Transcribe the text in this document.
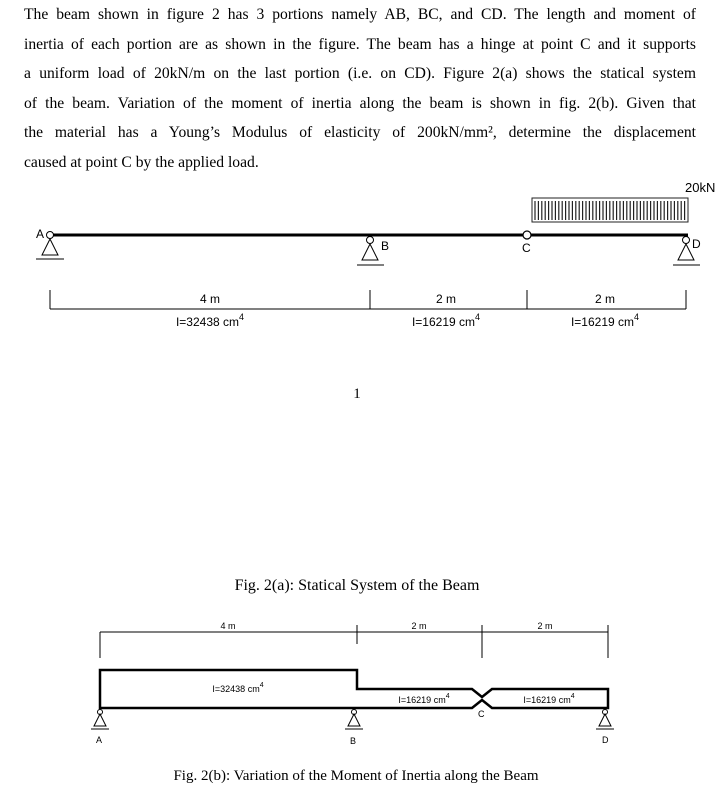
The beam shown in figure 2 has 3 portions namely AB, BC, and CD. The length and moment of
inertia of each portion are as shown in the figure. The beam has a hinge at point C and it supports
a uniform load of 20kN/m on the last portion (i.e. on CD). Figure 2(a) shows the statical system
of the beam. Variation of the moment of inertia along the beam is shown in fig. 2(b). Given that
the material has a Young’s Modulus of elasticity of 200kN/mm², determine the displacement
caused at point C by the applied load.
20kN
A
B	C	D
4 m
I=32438 $cm^4$
2 m
I=16219 $cm^4$
2 m
I=16219 $cm^4$
1
Fig. 2(a): Statical System of the Beam
4 m	2 m	2 m
I=32438 $cm^4$
I=16219 $cm^4$	I=16219 $cm^4$
A	B
C
D
Fig. 2(b): Variation of the Moment of Inertia along the Beam
